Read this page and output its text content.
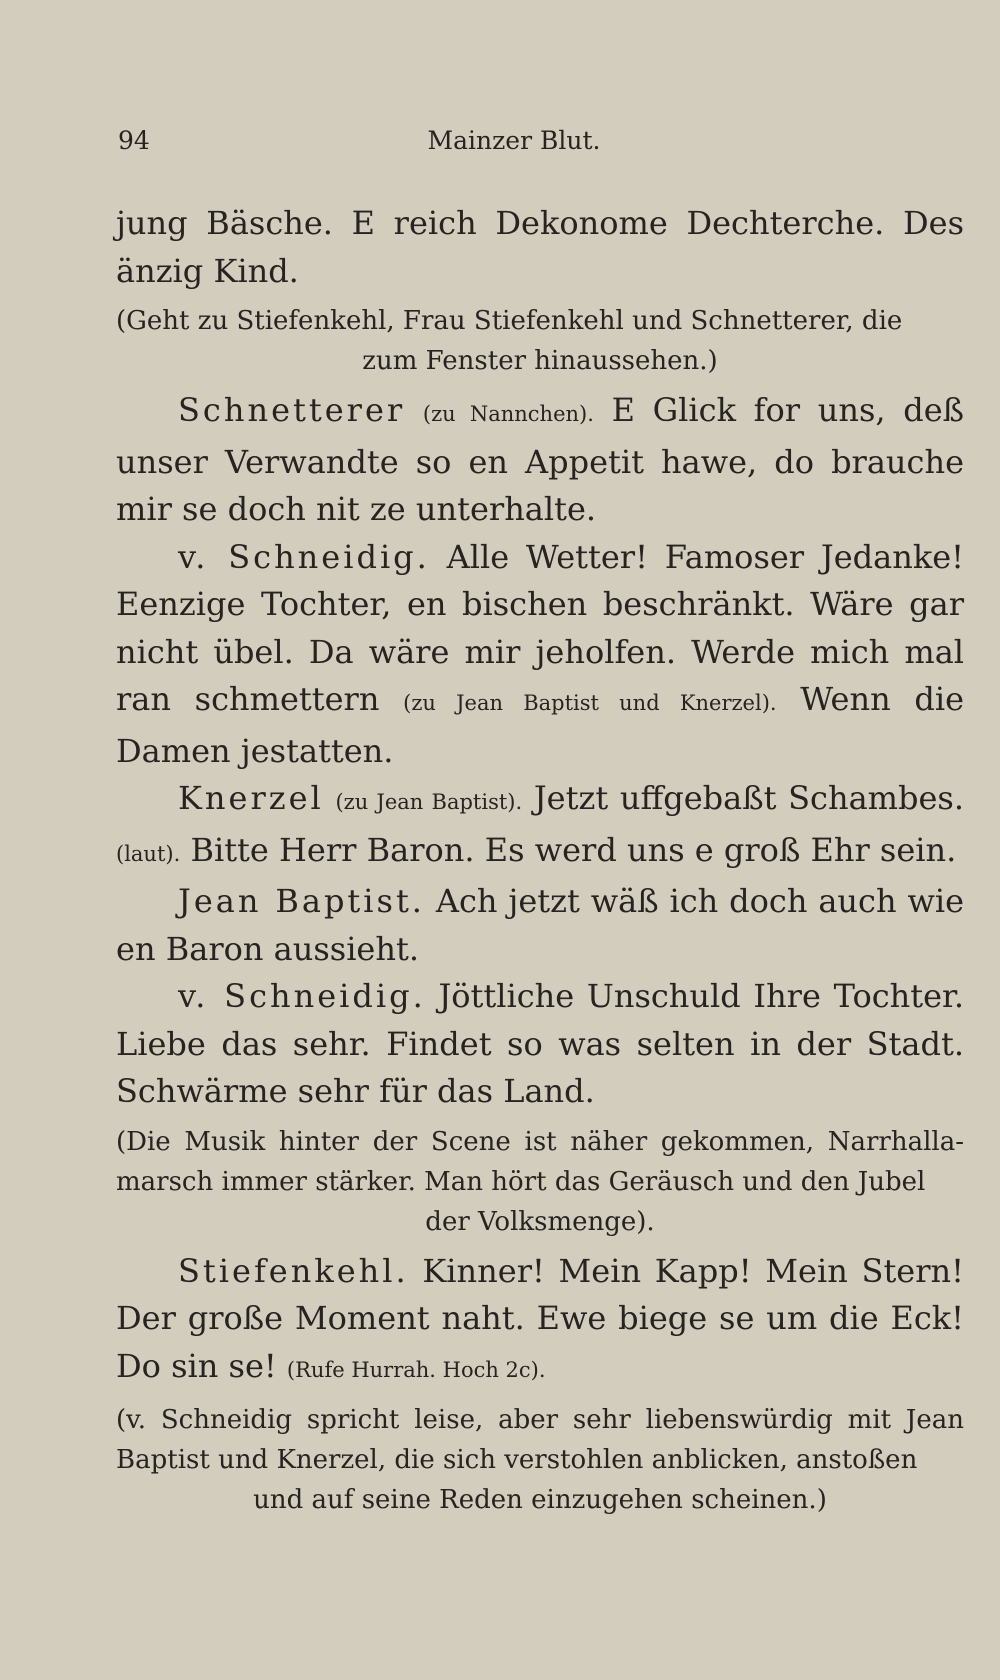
94	Mainzer Blut.

jung Bäsche. E reich Dekonome Dechterche. Des änzig Kind.

(Geht zu Stiefenkehl, Frau Stiefenkehl und Schnetterer, die
zum Fenster hinaussehen.)

Schnetterer (zu Nannchen). E Glick for uns, deß unser Verwandte so en Appetit hawe, do brauche mir se doch nit ze unterhalte.

v. Schneidig. Alle Wetter! Famoser Jedanke! Eenzige Tochter, en bischen beschränkt. Wäre gar nicht übel. Da wäre mir jeholfen. Werde mich mal ran schmettern (zu Jean Baptist und Knerzel). Wenn die Damen jestatten.

Knerzel (zu Jean Baptist). Jetzt uffgebaßt Schambes. (laut). Bitte Herr Baron. Es werd uns e groß Ehr sein.

Jean Baptist. Ach jetzt wäß ich doch auch wie en Baron aussieht.

v. Schneidig. Jöttliche Unschuld Ihre Tochter. Liebe das sehr. Findet so was selten in der Stadt. Schwärme sehr für das Land.

(Die Musik hinter der Scene ist näher gekommen, Narrhalla-marsch immer stärker. Man hört das Geräusch und den Jubel
der Volksmenge).

Stiefenkehl. Kinner! Mein Kapp! Mein Stern! Der große Moment naht. Ewe biege se um die Eck! Do sin se! (Rufe Hurrah. Hoch 2c).

(v. Schneidig spricht leise, aber sehr liebenswürdig mit Jean Baptist und Knerzel, die sich verstohlen anblicken, anstoßen
und auf seine Reden einzugehen scheinen.)
